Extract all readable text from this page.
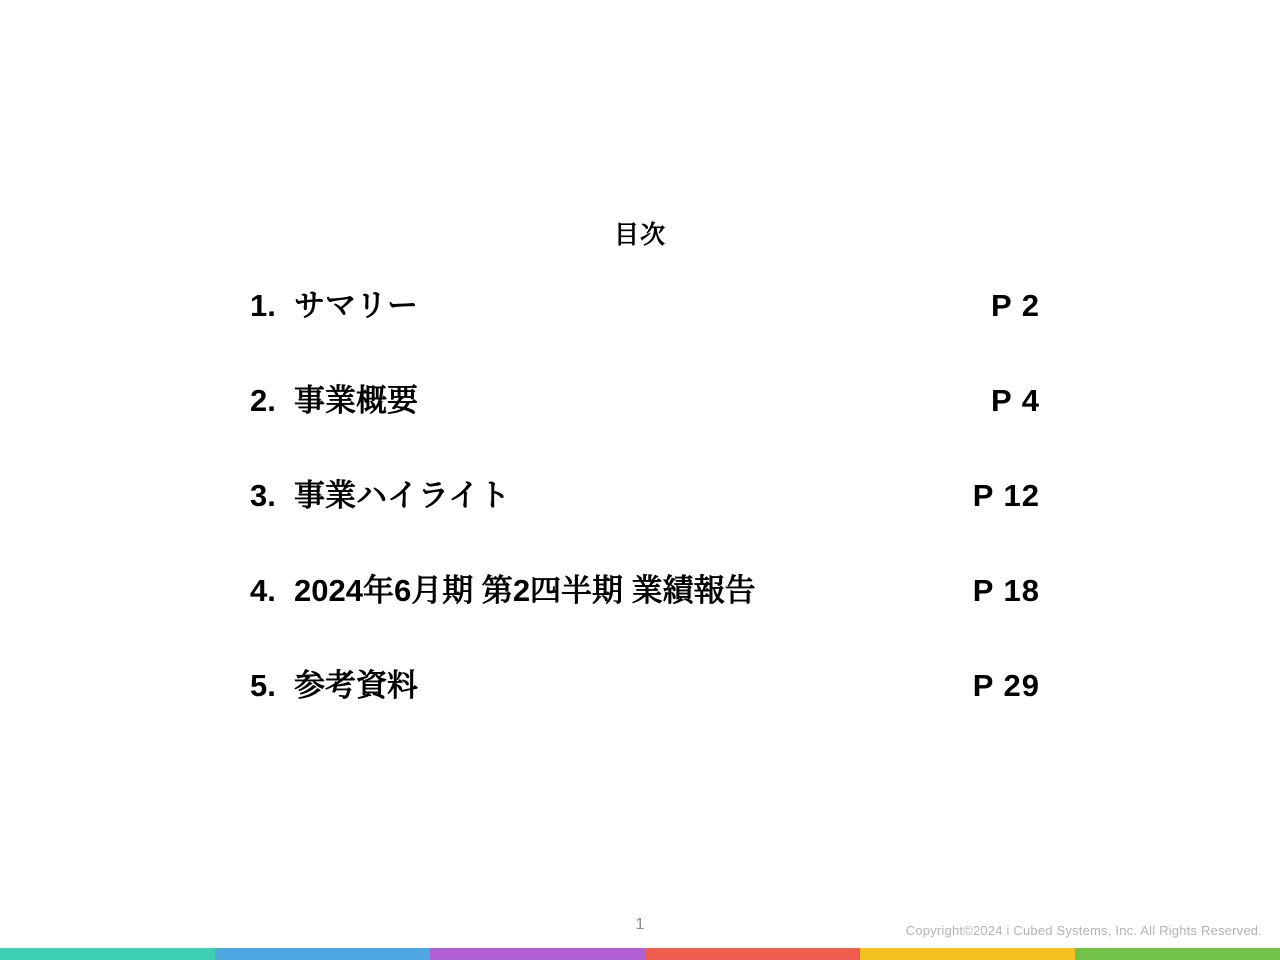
目次
1. サマリー	P 2
2. 事業概要	P 4
3. 事業ハイライト	P 12
4. 2024年6月期 第2四半期 業績報告	P 18
5. 参考資料	P 29
1	Copyright©2024 i Cubed Systems, Inc. All Rights Reserved.
